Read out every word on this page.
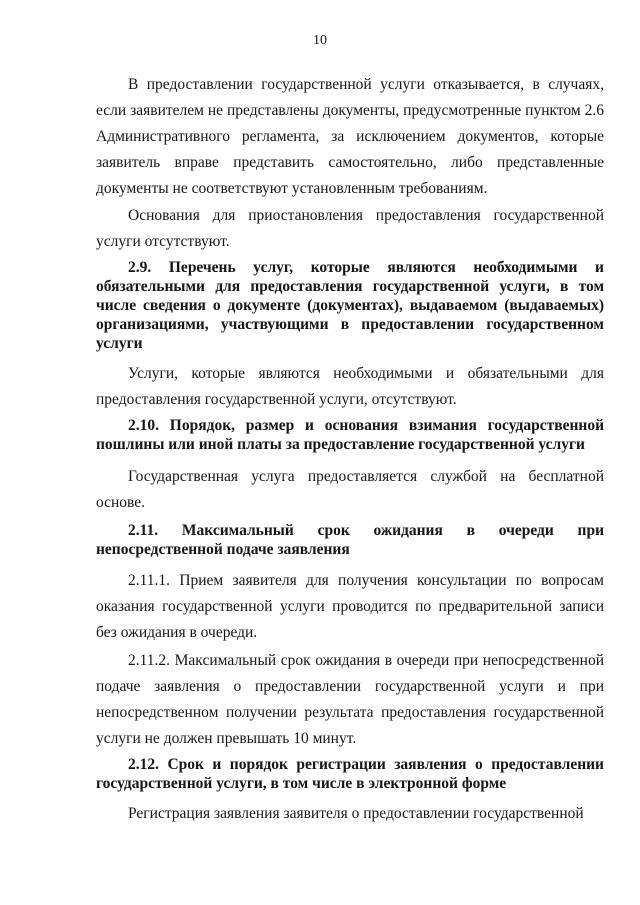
10

В предоставлении государственной услуги отказывается, в случаях, если заявителем не представлены документы, предусмотренные пунктом 2.6 Административного регламента, за исключением документов, которые заявитель вправе представить самостоятельно, либо представленные документы не соответствуют установленным требованиям.

Основания для приостановления предоставления государственной услуги отсутствуют.

2.9. Перечень услуг, которые являются необходимыми и обязательными для предоставления государственной услуги, в том числе сведения о документе (документах), выдаваемом (выдаваемых) организациями, участвующими в предоставлении государственном услуги

Услуги, которые являются необходимыми и обязательными для предоставления государственной услуги, отсутствуют.

2.10. Порядок, размер и основания взимания государственной пошлины или иной платы за предоставление государственной услуги

Государственная услуга предоставляется службой на бесплатной основе.

2.11. Максимальный срок ожидания в очереди при непосредственной подаче заявления

2.11.1. Прием заявителя для получения консультации по вопросам оказания государственной услуги проводится по предварительной записи без ожидания в очереди.

2.11.2. Максимальный срок ожидания в очереди при непосредственной подаче заявления о предоставлении государственной услуги и при непосредственном получении результата предоставления государственной услуги не должен превышать 10 минут.

2.12. Срок и порядок регистрации заявления о предоставлении государственной услуги, в том числе в электронной форме

Регистрация заявления заявителя о предоставлении государственной
